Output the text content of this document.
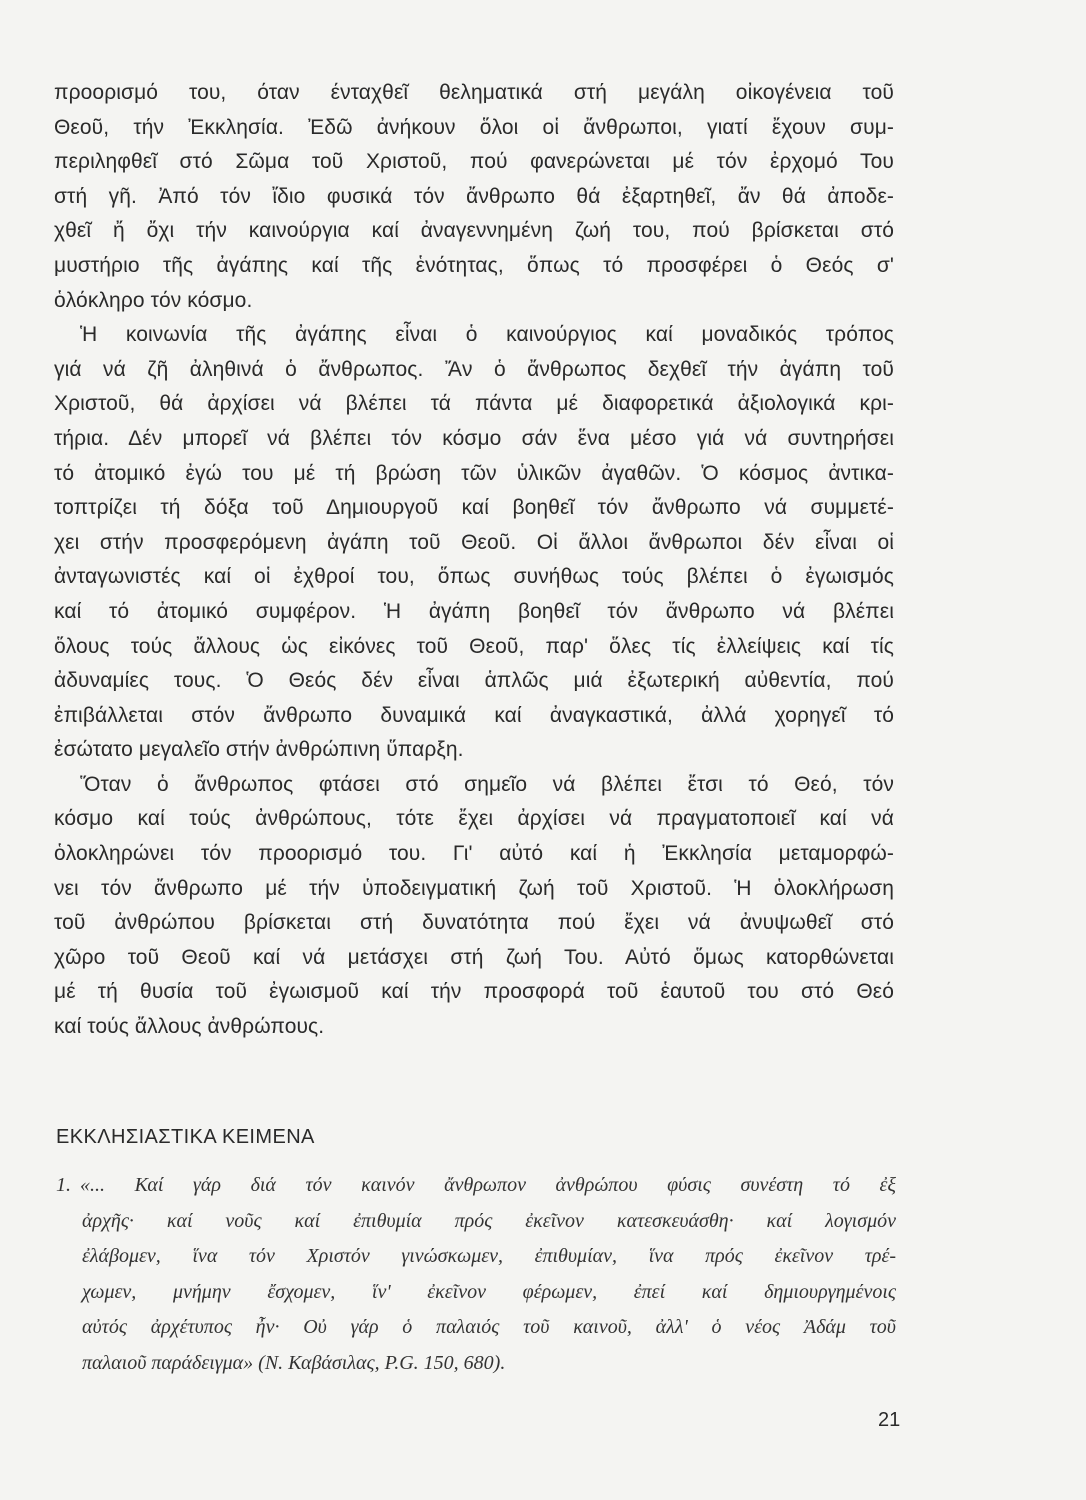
προορισμό του, όταν ένταχθεῖ θεληματικά στή μεγάλη οἰκογένεια τοῦ
Θεοῦ, τήν Ἐκκλησία. Ἐδῶ ἀνήκουν ὅλοι οἱ ἄνθρωποι, γιατί ἔχουν συμ-
περιληφθεῖ στό Σῶμα τοῦ Χριστοῦ, πού φανερώνεται μέ τόν ἐρχομό Του
στή γῆ. Ἀπό τόν ἴδιο φυσικά τόν ἄνθρωπο θά ἐξαρτηθεῖ, ἄν θά ἀποδε-
χθεῖ ἤ ὄχι τήν καινούργια καί ἀναγεννημένη ζωή του, πού βρίσκεται στό
μυστήριο τῆς ἀγάπης καί τῆς ἑνότητας, ὅπως τό προσφέρει ὁ Θεός σ'
ὁλόκληρο τόν κόσμο.
Ἡ κοινωνία τῆς ἀγάπης εἶναι ὁ καινούργιος καί μοναδικός τρόπος
γιά νά ζῆ ἀληθινά ὁ ἄνθρωπος. Ἄν ὁ ἄνθρωπος δεχθεῖ τήν ἀγάπη τοῦ
Χριστοῦ, θά ἀρχίσει νά βλέπει τά πάντα μέ διαφορετικά ἀξιολογικά κρι-
τήρια. Δέν μπορεῖ νά βλέπει τόν κόσμο σάν ἕνα μέσο γιά νά συντηρήσει
τό ἀτομικό ἐγώ του μέ τή βρώση τῶν ὑλικῶν ἀγαθῶν. Ὁ κόσμος ἀντικα-
τοπτρίζει τή δόξα τοῦ Δημιουργοῦ καί βοηθεῖ τόν ἄνθρωπο νά συμμετέ-
χει στήν προσφερόμενη ἀγάπη τοῦ Θεοῦ. Οἱ ἄλλοι ἄνθρωποι δέν εἶναι οἱ
ἀνταγωνιστές καί οἱ ἐχθροί του, ὅπως συνήθως τούς βλέπει ὁ ἐγωισμός
καί τό ἀτομικό συμφέρον. Ἡ ἀγάπη βοηθεῖ τόν ἄνθρωπο νά βλέπει
ὅλους τούς ἄλλους ὡς εἰκόνες τοῦ Θεοῦ, παρ' ὅλες τίς ἐλλείψεις καί τίς
ἀδυναμίες τους. Ὁ Θεός δέν εἶναι ἁπλῶς μιά ἐξωτερική αὐθεντία, πού
ἐπιβάλλεται στόν ἄνθρωπο δυναμικά καί ἀναγκαστικά, ἀλλά χορηγεῖ τό
ἐσώτατο μεγαλεῖο στήν ἀνθρώπινη ὕπαρξη.
Ὅταν ὁ ἄνθρωπος φτάσει στό σημεῖο νά βλέπει ἔτσι τό Θεό, τόν
κόσμο καί τούς ἀνθρώπους, τότε ἔχει ἀρχίσει νά πραγματοποιεῖ καί νά
ὁλοκληρώνει τόν προορισμό του. Γι' αὐτό καί ἡ Ἐκκλησία μεταμορφώ-
νει τόν ἄνθρωπο μέ τήν ὑποδειγματική ζωή τοῦ Χριστοῦ. Ἡ ὁλοκλήρωση
τοῦ ἀνθρώπου βρίσκεται στή δυνατότητα πού ἔχει νά ἀνυψωθεῖ στό
χῶρο τοῦ Θεοῦ καί νά μετάσχει στή ζωή Του. Αὐτό ὅμως κατορθώνεται
μέ τή θυσία τοῦ ἐγωισμοῦ καί τήν προσφορά τοῦ ἑαυτοῦ του στό Θεό
καί τούς ἄλλους ἀνθρώπους.
ΕΚΚΛΗΣΙΑΣΤΙΚΑ ΚΕΙΜΕΝΑ
1. «... Καί γάρ διά τόν καινόν ἄνθρωπον ἀνθρώπου φύσις συνέστη τό ἐξ
ἀρχῆς· καί νοῦς καί ἐπιθυμία πρός ἐκεῖνον κατεσκευάσθη· καί λογισμόν
ἐλάβομεν, ἵνα τόν Χριστόν γινώσκωμεν, ἐπιθυμίαν, ἵνα πρός ἐκεῖνον τρέ-
χωμεν, μνήμην ἔσχομεν, ἵν' ἐκεῖνον φέρωμεν, ἐπεί καί δημιουργημένοις
αὐτός ἀρχέτυπος ἦν· Οὐ γάρ ὁ παλαιός τοῦ καινοῦ, ἀλλ' ὁ νέος Ἀδάμ τοῦ
παλαιοῦ παράδειγμα» (Ν. Καβάσιλας, P.G. 150, 680).
21
